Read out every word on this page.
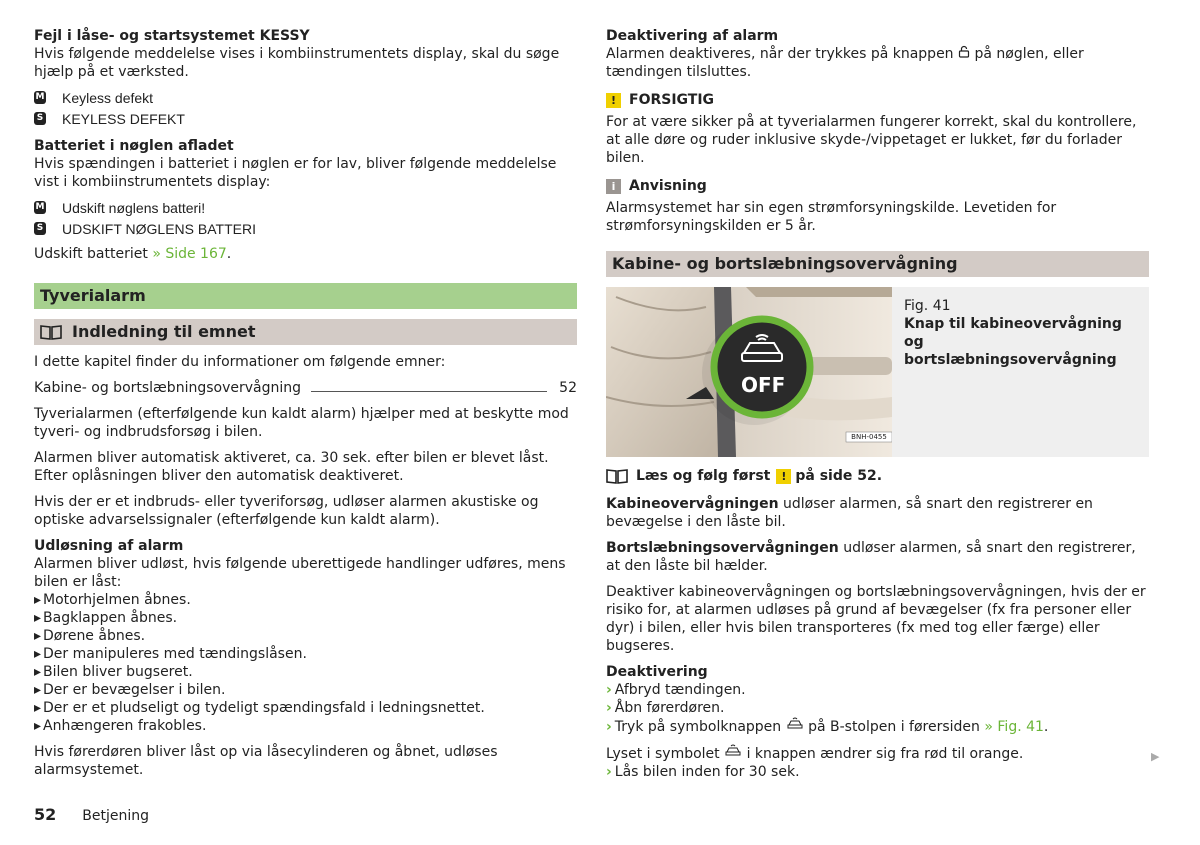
Fejl i låse- og startsystemet KESSY

Hvis følgende meddelelse vises i kombiinstrumentets display, skal du søge hjælp på et værksted.

M Keyless defekt
S KEYLESS DEFEKT

Batteriet i nøglen afladet

Hvis spændingen i batteriet i nøglen er for lav, bliver følgende meddelelse vist i kombiinstrumentets display:

M Udskift nøglens batteri!
S UDSKIFT NØGLENS BATTERI

Udskift batteriet » Side 167.

Tyverialarm
Indledning til emnet

I dette kapitel finder du informationer om følgende emner:

Kabine- og bortslæbningsovervågning	52

Tyverialarmen (efterfølgende kun kaldt alarm) hjælper med at beskytte mod tyveri- og indbrudsforsøg i bilen.

Alarmen bliver automatisk aktiveret, ca. 30 sek. efter bilen er blevet låst. Efter oplåsningen bliver den automatisk deaktiveret.

Hvis der er et indbruds- eller tyveriforsøg, udløser alarmen akustiske og optiske advarselssignaler (efterfølgende kun kaldt alarm).

Udløsning af alarm

Alarmen bliver udløst, hvis følgende uberettigede handlinger udføres, mens bilen er låst:

▸ Motorhjelmen åbnes.
▸ Bagklappen åbnes.
▸ Dørene åbnes.
▸ Der manipuleres med tændingslåsen.
▸ Bilen bliver bugseret.
▸ Der er bevægelser i bilen.
▸ Der er et pludseligt og tydeligt spændingsfald i ledningsnettet.
▸ Anhængeren frakobles.

Hvis førerdøren bliver låst op via låsecylinderen og åbnet, udløses alarmsystemet.

Deaktivering af alarm

Alarmen deaktiveres, når der trykkes på knappen på nøglen, eller tændingen tilsluttes.

! FORSIGTIG

For at være sikker på at tyverialarmen fungerer korrekt, skal du kontrollere, at alle døre og ruder inklusive skyde-/vippetaget er lukket, før du forlader bilen.

i Anvisning

Alarmsystemet har sin egen strømforsyningskilde. Levetiden for strømforsyningskilden er 5 år.

Kabine- og bortslæbningsovervågning
OFF
BNH-0455

Fig. 41

Knap til kabineovervågning og bortslæbningsovervågning

Læs og følg først ! på side 52.

Kabineovervågningen udløser alarmen, så snart den registrerer en bevægelse i den låste bil.

Bortslæbningsovervågningen udløser alarmen, så snart den registrerer, at den låste bil hælder.

Deaktiver kabineovervågningen og bortslæbningsovervågningen, hvis der er risiko for, at alarmen udløses på grund af bevægelser (fx fra personer eller dyr) i bilen, eller hvis bilen transporteres (fx med tog eller færge) eller bugseres.

Deaktivering

› Afbryd tændingen.
› Åbn førerdøren.
› Tryk på symbolknappen på B-stolpen i førersiden » Fig. 41.

Lyset i symbolet i knappen ændrer sig fra rød til orange.

› Lås bilen inden for 30 sek.
▶
52 Betjening
